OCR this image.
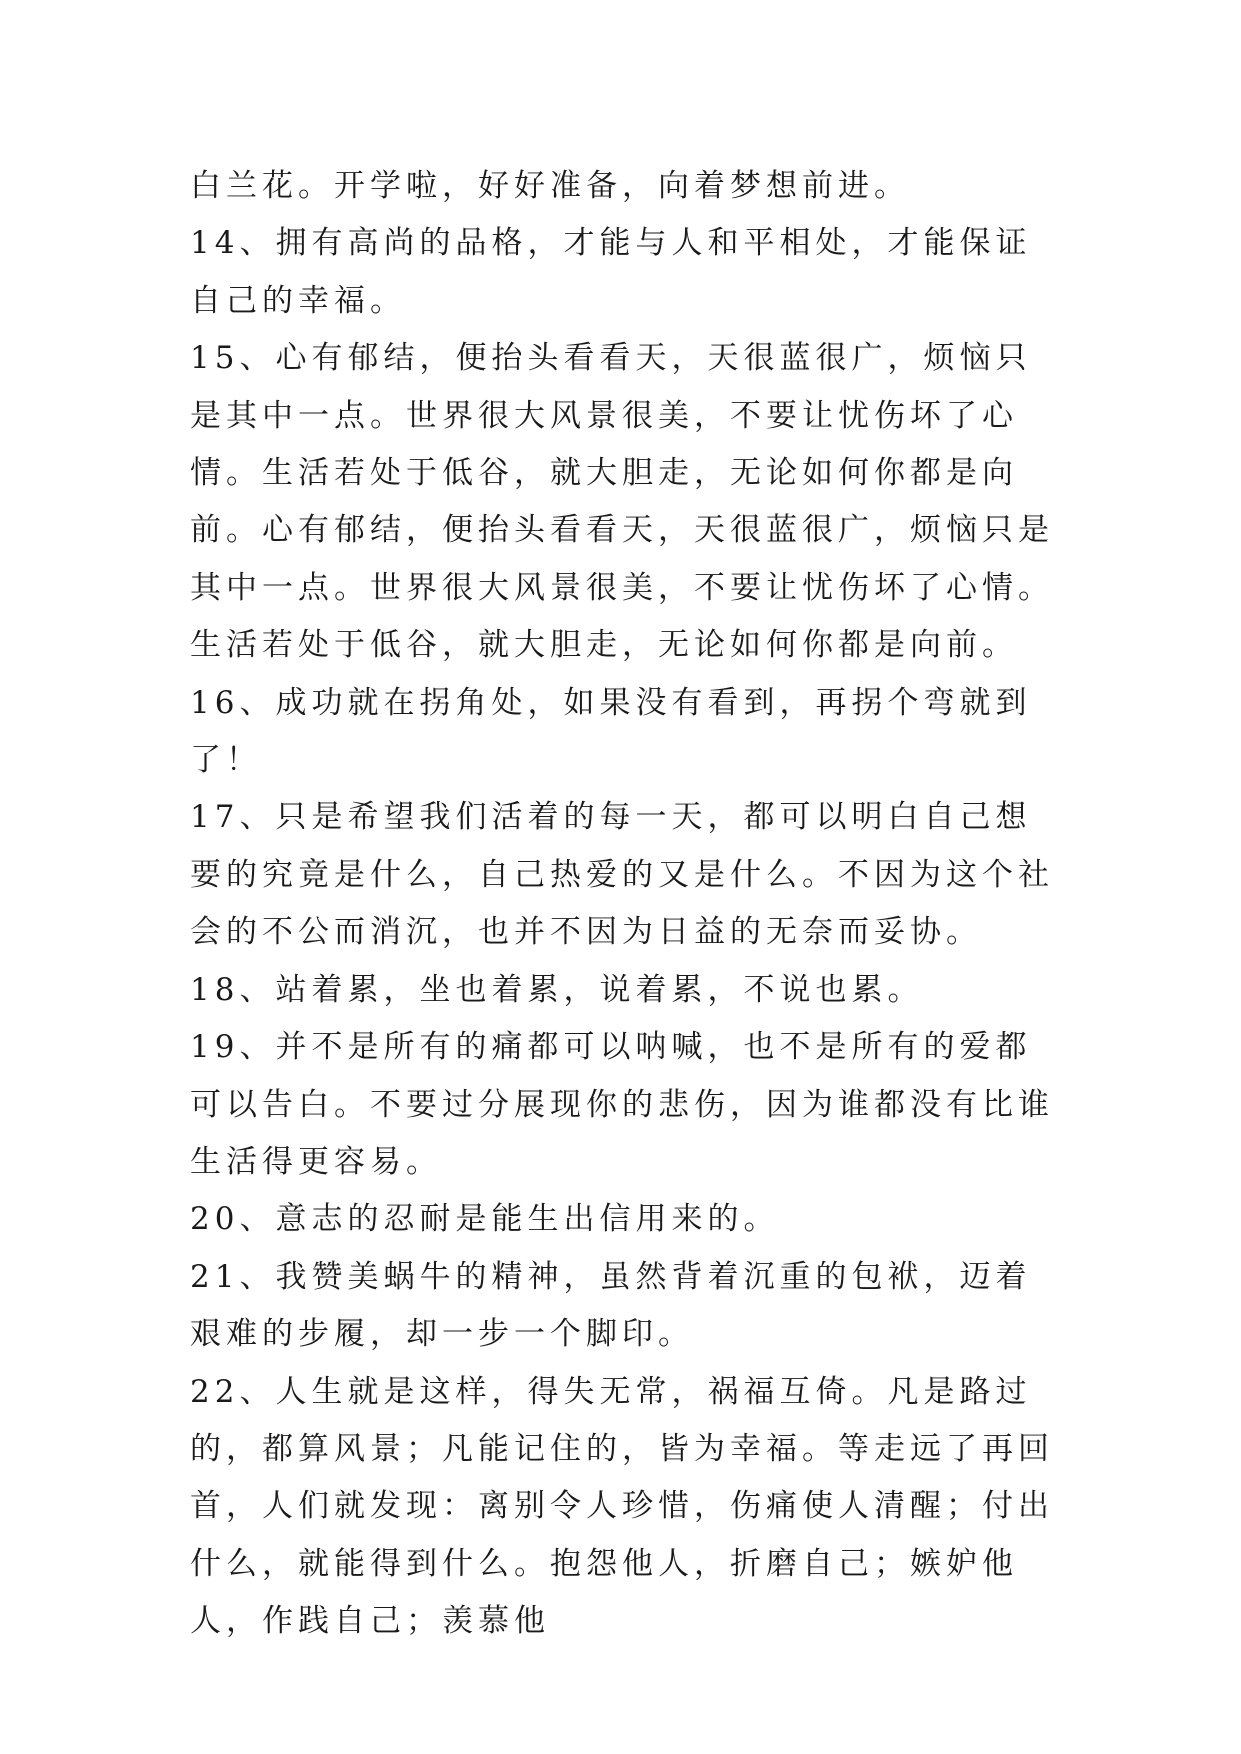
白兰花。开学啦，好好准备，向着梦想前进。

14、拥有高尚的品格，才能与人和平相处，才能保证自己的幸福。

15、心有郁结，便抬头看看天，天很蓝很广，烦恼只是其中一点。世界很大风景很美，不要让忧伤坏了心情。生活若处于低谷，就大胆走，无论如何你都是向前。心有郁结，便抬头看看天，天很蓝很广，烦恼只是其中一点。世界很大风景很美，不要让忧伤坏了心情。生活若处于低谷，就大胆走，无论如何你都是向前。

16、成功就在拐角处，如果没有看到，再拐个弯就到了！

17、只是希望我们活着的每一天，都可以明白自己想要的究竟是什么，自己热爱的又是什么。不因为这个社会的不公而消沉，也并不因为日益的无奈而妥协。

18、站着累，坐也着累，说着累，不说也累。

19、并不是所有的痛都可以呐喊，也不是所有的爱都可以告白。不要过分展现你的悲伤，因为谁都没有比谁生活得更容易。

20、意志的忍耐是能生出信用来的。

21、我赞美蜗牛的精神，虽然背着沉重的包袱，迈着艰难的步履，却一步一个脚印。

22、人生就是这样，得失无常，祸福互倚。凡是路过的，都算风景；凡能记住的，皆为幸福。等走远了再回首，人们就发现：离别令人珍惜，伤痛使人清醒；付出什么，就能得到什么。抱怨他人，折磨自己；嫉妒他人，作践自己；羡慕他
